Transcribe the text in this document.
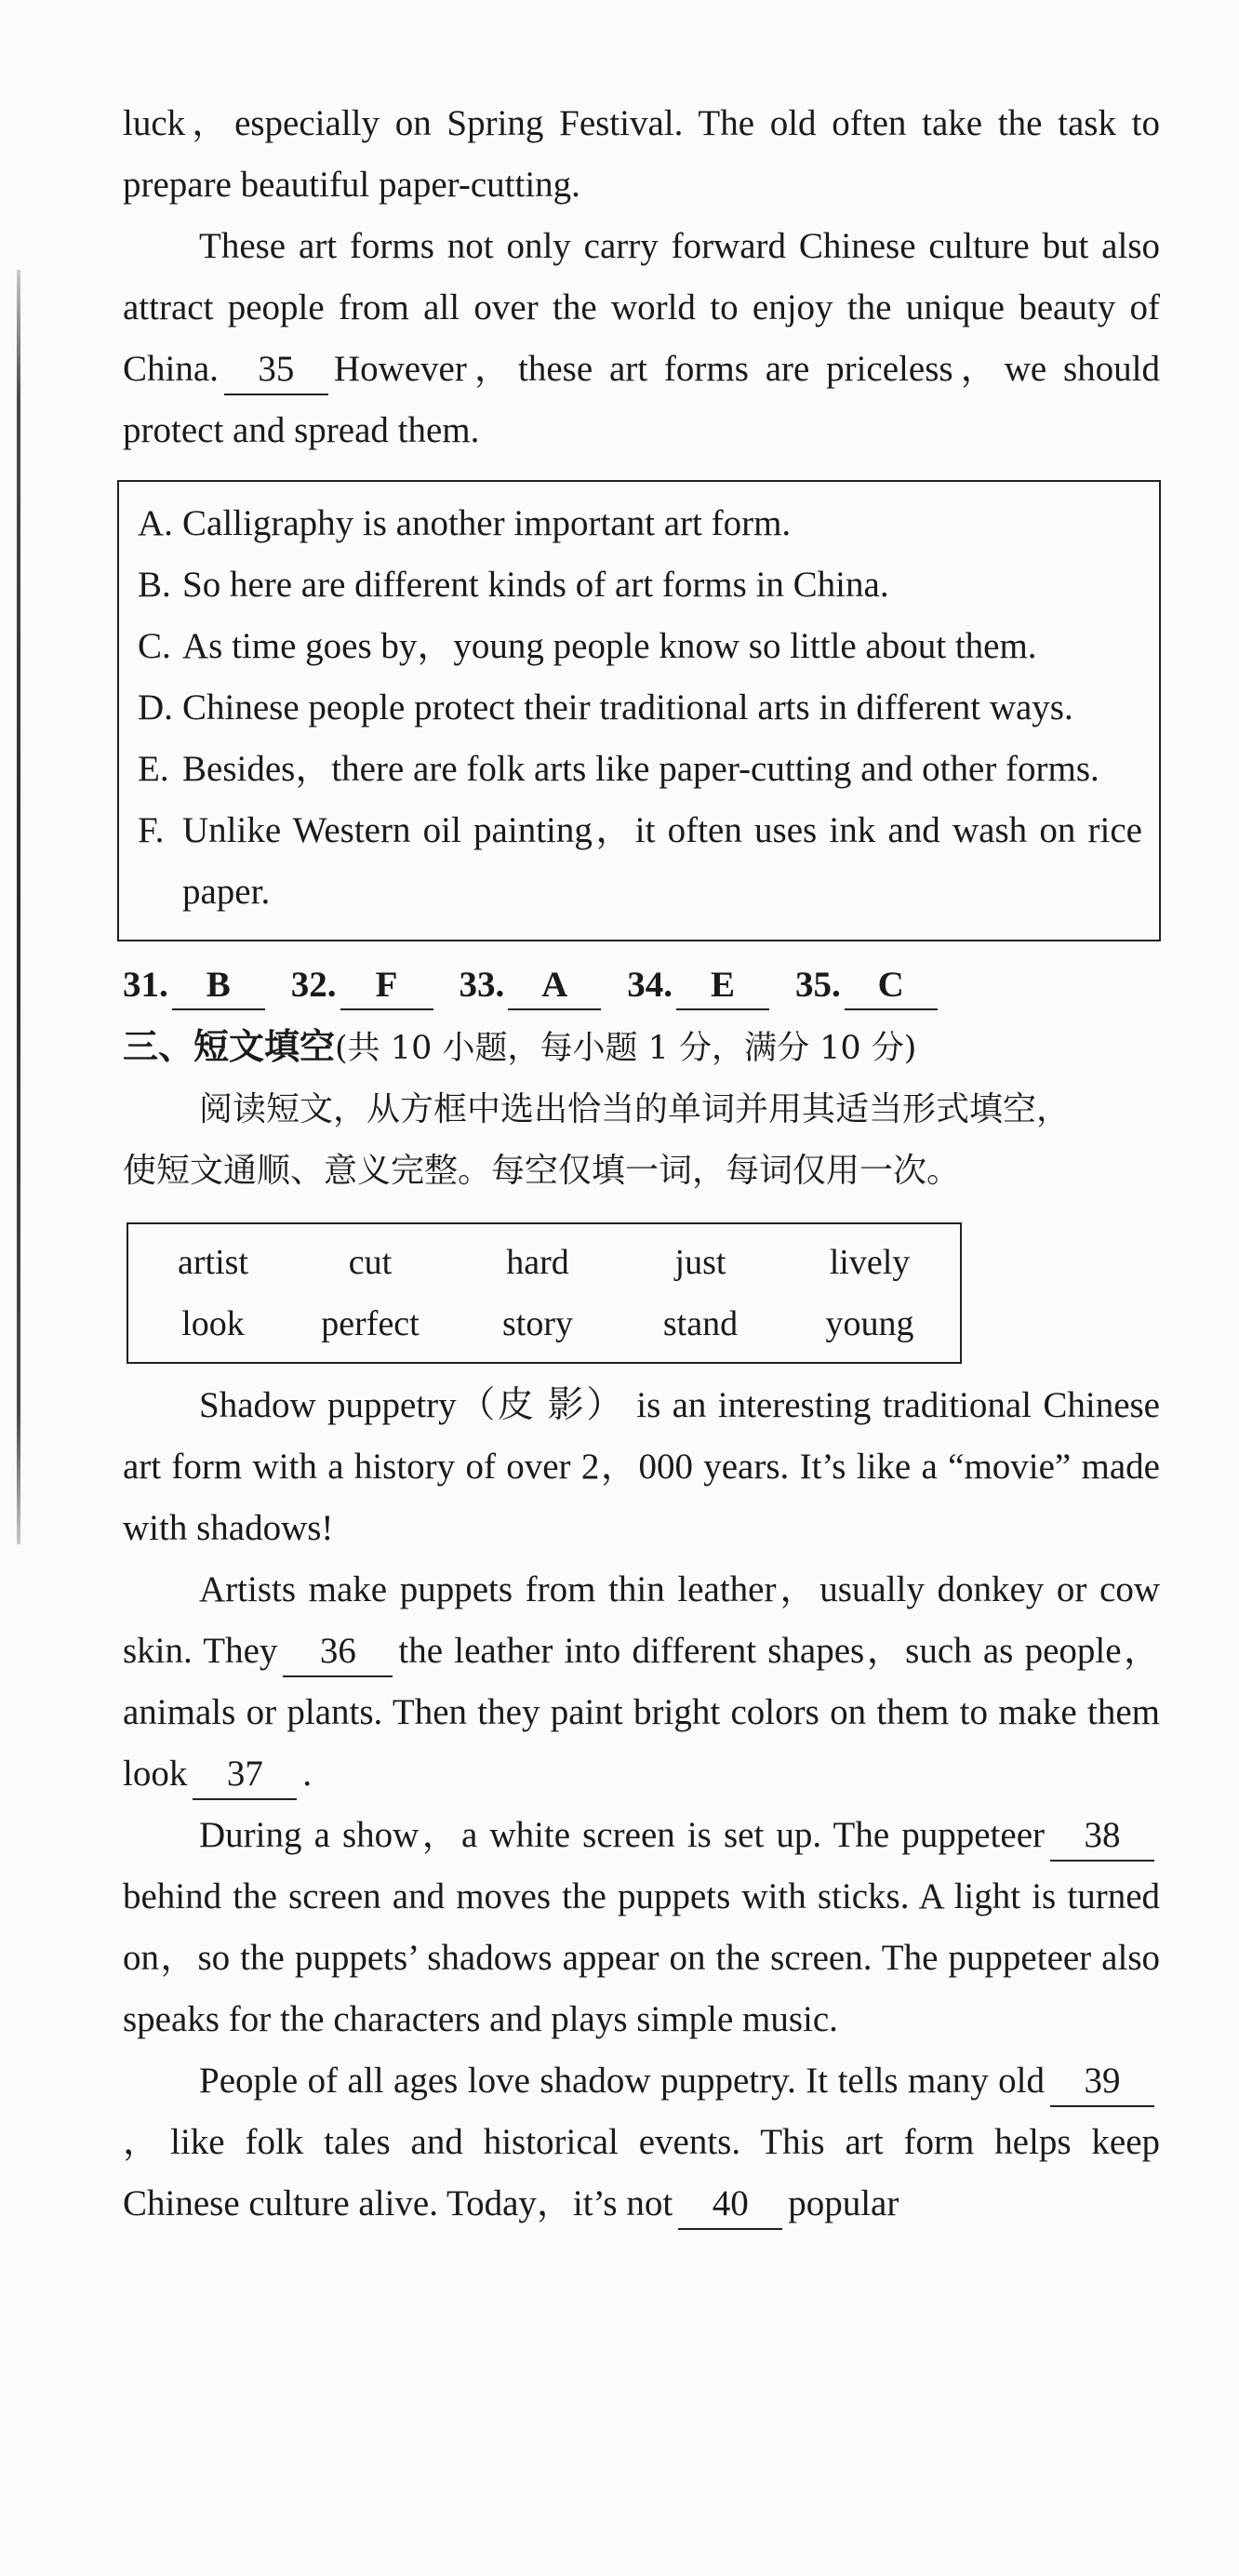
luck，especially on Spring Festival. The old often take the task to prepare beautiful paper-cutting.

These art forms not only carry forward Chinese culture but also attract people from all over the world to enjoy the unique beauty of China. 35 However，these art forms are priceless，we should protect and spread them.

A. Calligraphy is another important art form.
B. So here are different kinds of art forms in China.
C. As time goes by，young people know so little about them.
D. Chinese people protect their traditional arts in different ways.
E. Besides，there are folk arts like paper-cutting and other forms.
F. Unlike Western oil painting，it often uses ink and wash on rice paper.
31.	B	32.	F	33.	A	34.	E	35.	C
三、短文填空(共 10 小题，每小题 1 分，满分 10 分)

阅读短文，从方框中选出恰当的单词并用其适当形式填空，

使短文通顺、意义完整。每空仅填一词，每词仅用一次。

artist	cut	hard	just	lively
look	perfect	story	stand	young

Shadow puppetry（皮 影） is an interesting traditional Chinese art form with a history of over 2，000 years. It’s like a “movie” made with shadows!

Artists make puppets from thin leather，usually donkey or cow skin. They 36 the leather into different shapes，such as people，animals or plants. Then they paint bright colors on them to make them look 37 .

During a show，a white screen is set up. The puppeteer 38behind the screen and moves the puppets with sticks. A light is turned on，so the puppets’ shadows appear on the screen. The puppeteer also speaks for the characters and plays simple music.

People of all ages love shadow puppetry. It tells many old 39，like folk tales and historical events. This art form helps keep Chinese culture alive. Today，it’s not 40 popular
